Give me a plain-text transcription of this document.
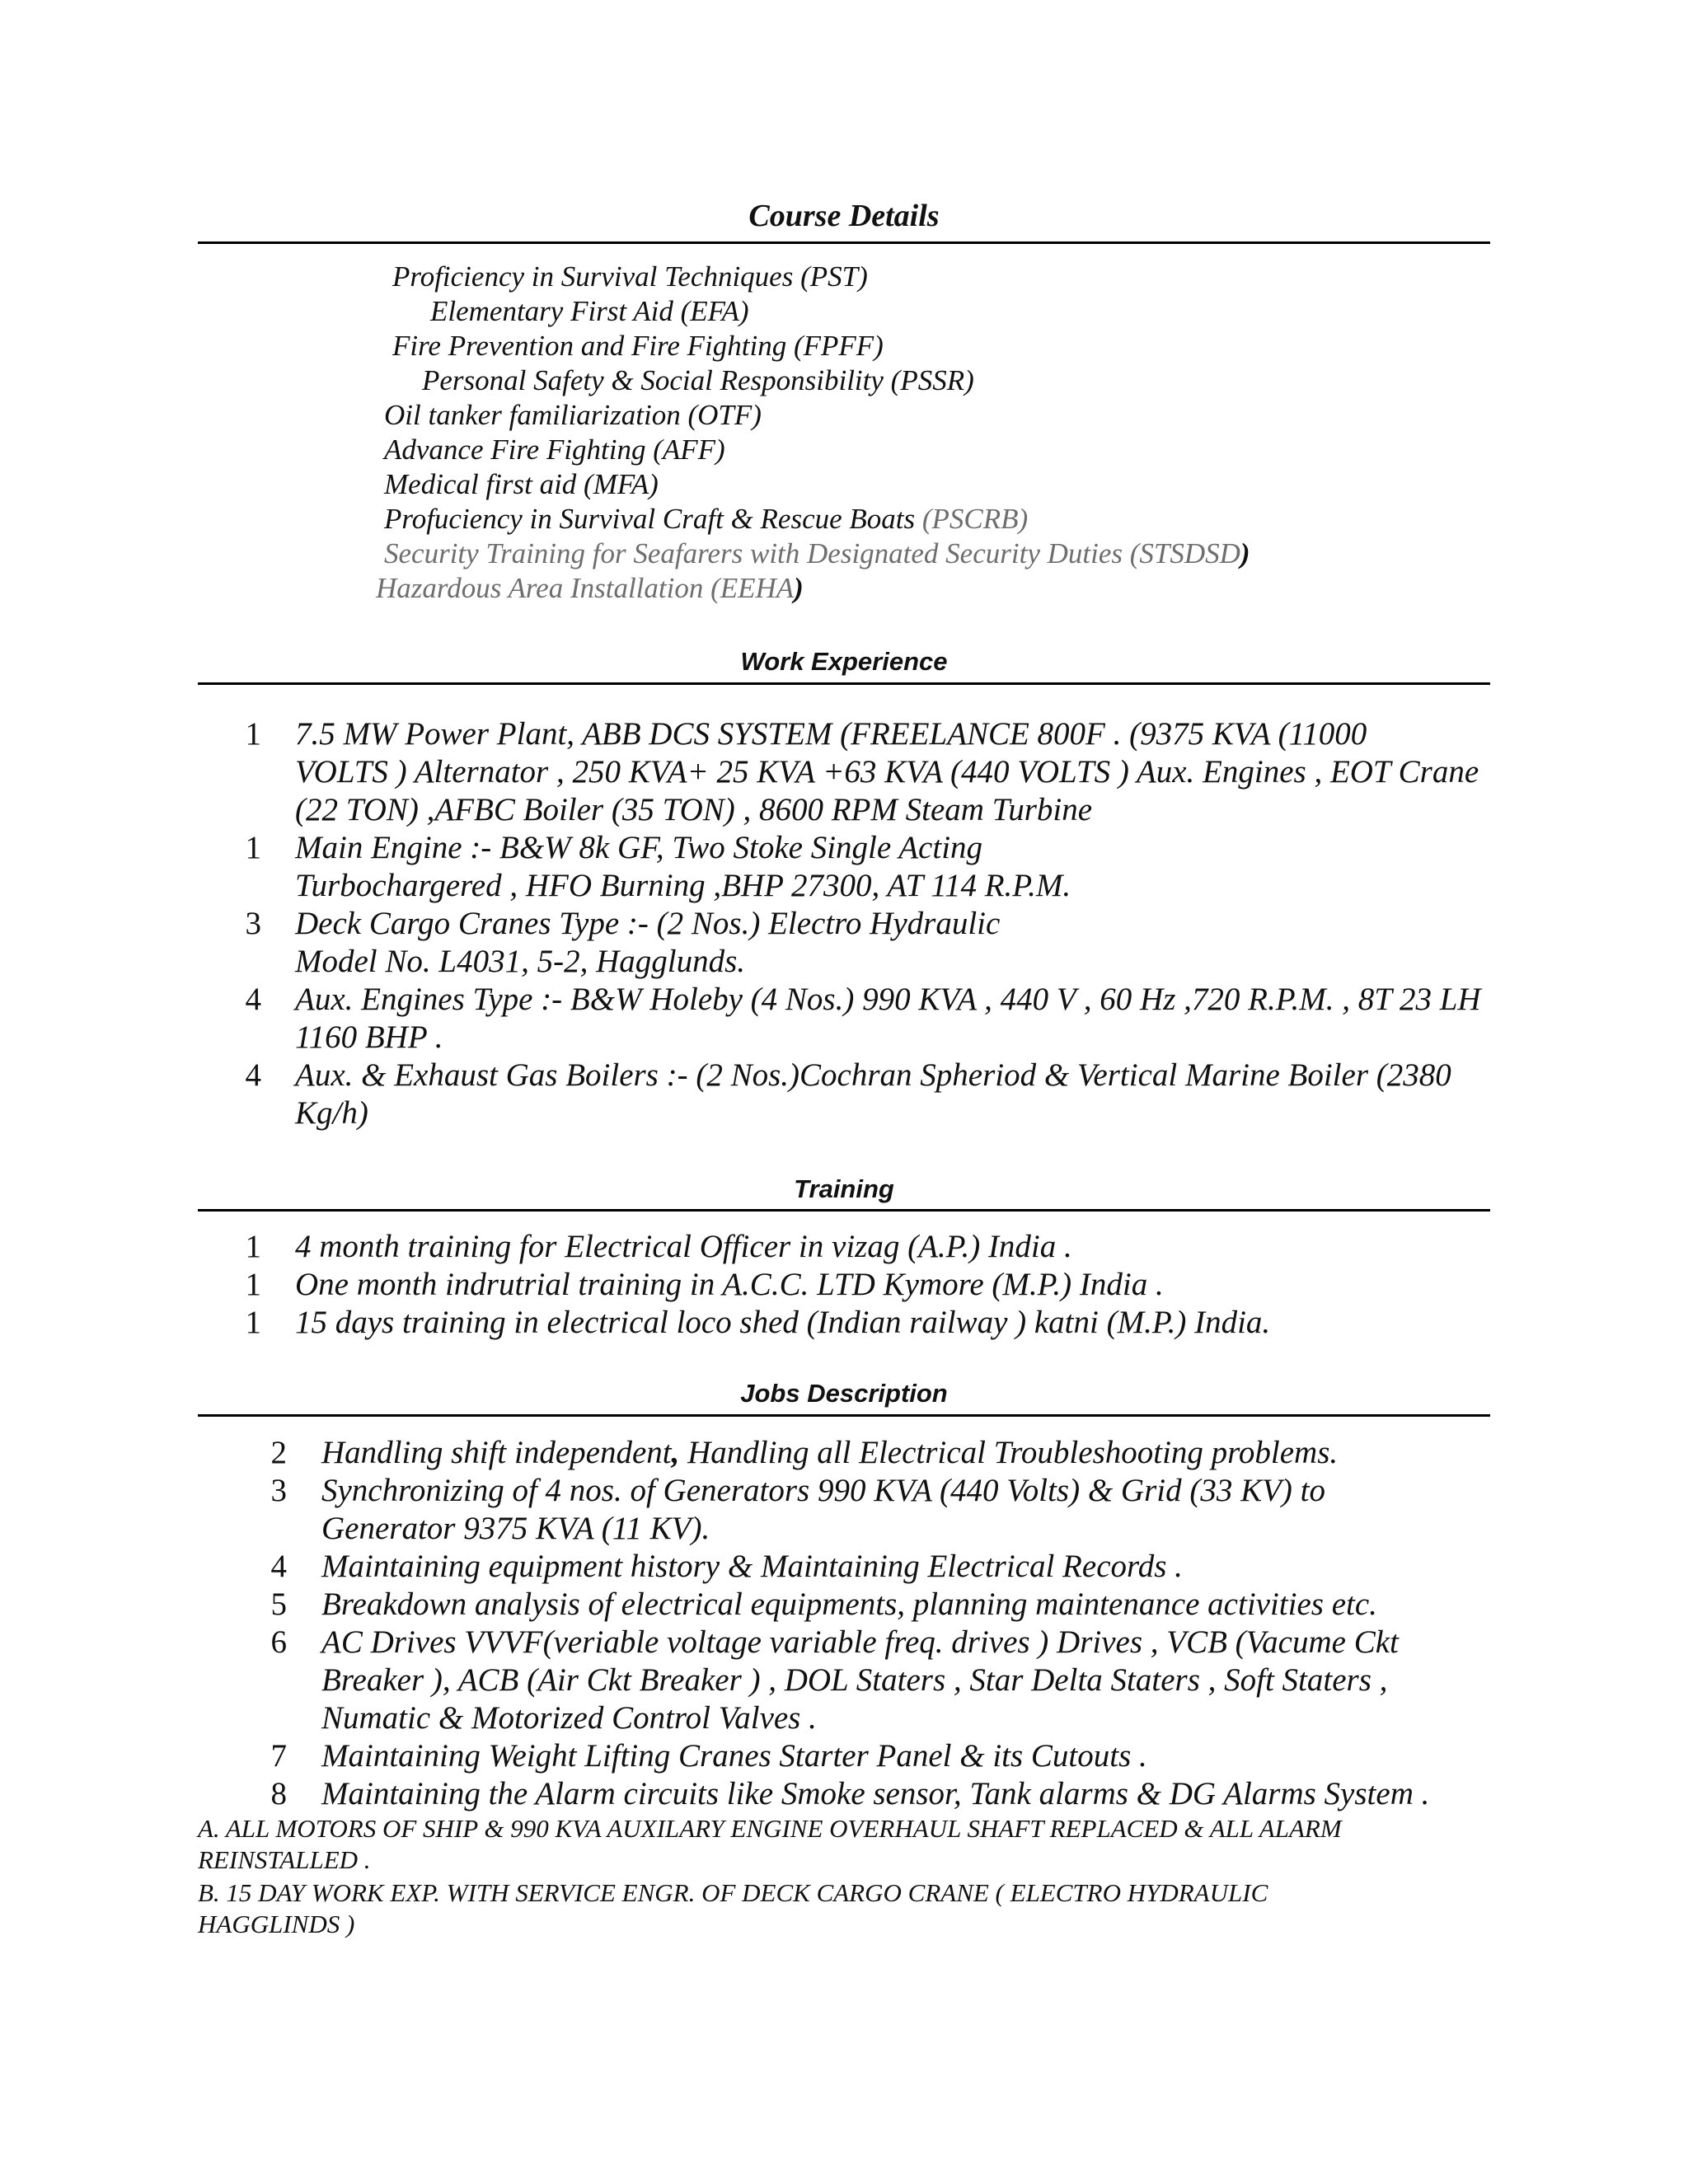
Course Details
Proficiency in Survival Techniques (PST)
Elementary First Aid (EFA)
Fire Prevention and Fire Fighting (FPFF)
Personal Safety & Social Responsibility (PSSR)
Oil tanker familiarization (OTF)
Advance Fire Fighting (AFF)
Medical first aid (MFA)
Profuciency in Survival Craft & Rescue Boats (PSCRB)
Security Training for Seafarers with Designated Security Duties (STSDSD)
Hazardous Area Installation (EEHA)
Work Experience
1 7.5 MW Power Plant, ABB DCS SYSTEM (FREELANCE 800F . (9375 KVA (11000
VOLTS ) Alternator , 250 KVA+ 25 KVA +63 KVA (440 VOLTS ) Aux. Engines , EOT Crane
(22 TON) ,AFBC Boiler (35 TON) , 8600 RPM Steam Turbine
1 Main Engine :- B&W 8k GF, Two Stoke Single Acting
Turbochargered , HFO Burning ,BHP 27300, AT 114 R.P.M.
3 Deck Cargo Cranes Type :- (2 Nos.) Electro Hydraulic
Model No. L4031, 5-2, Hagglunds.
4 Aux. Engines Type :- B&W Holeby (4 Nos.) 990 KVA , 440 V , 60 Hz ,720 R.P.M. , 8T 23 LH
1160 BHP .
4 Aux. & Exhaust Gas Boilers :- (2 Nos.)Cochran Spheriod & Vertical Marine Boiler (2380
Kg/h)
Training
1 4 month training for Electrical Officer in vizag (A.P.) India .
1 One month indrutrial training in A.C.C. LTD Kymore (M.P.) India .
1 15 days training in electrical loco shed (Indian railway ) katni (M.P.) India.
Jobs Description
2 Handling shift independent, Handling all Electrical Troubleshooting problems.
3 Synchronizing of 4 nos. of Generators 990 KVA (440 Volts) & Grid (33 KV) to
Generator 9375 KVA (11 KV).
4 Maintaining equipment history & Maintaining Electrical Records .
5 Breakdown analysis of electrical equipments, planning maintenance activities etc.
6 AC Drives VVVF(veriable voltage variable freq. drives ) Drives , VCB (Vacume Ckt
Breaker ), ACB (Air Ckt Breaker ) , DOL Staters , Star Delta Staters , Soft Staters ,
Numatic & Motorized Control Valves .
7 Maintaining Weight Lifting Cranes Starter Panel & its Cutouts .
8 Maintaining the Alarm circuits like Smoke sensor, Tank alarms & DG Alarms System .
A. ALL MOTORS OF SHIP & 990 KVA AUXILARY ENGINE OVERHAUL SHAFT REPLACED & ALL ALARM
REINSTALLED .
B. 15 DAY WORK EXP. WITH SERVICE ENGR. OF DECK CARGO CRANE ( ELECTRO HYDRAULIC
HAGGLINDS )
